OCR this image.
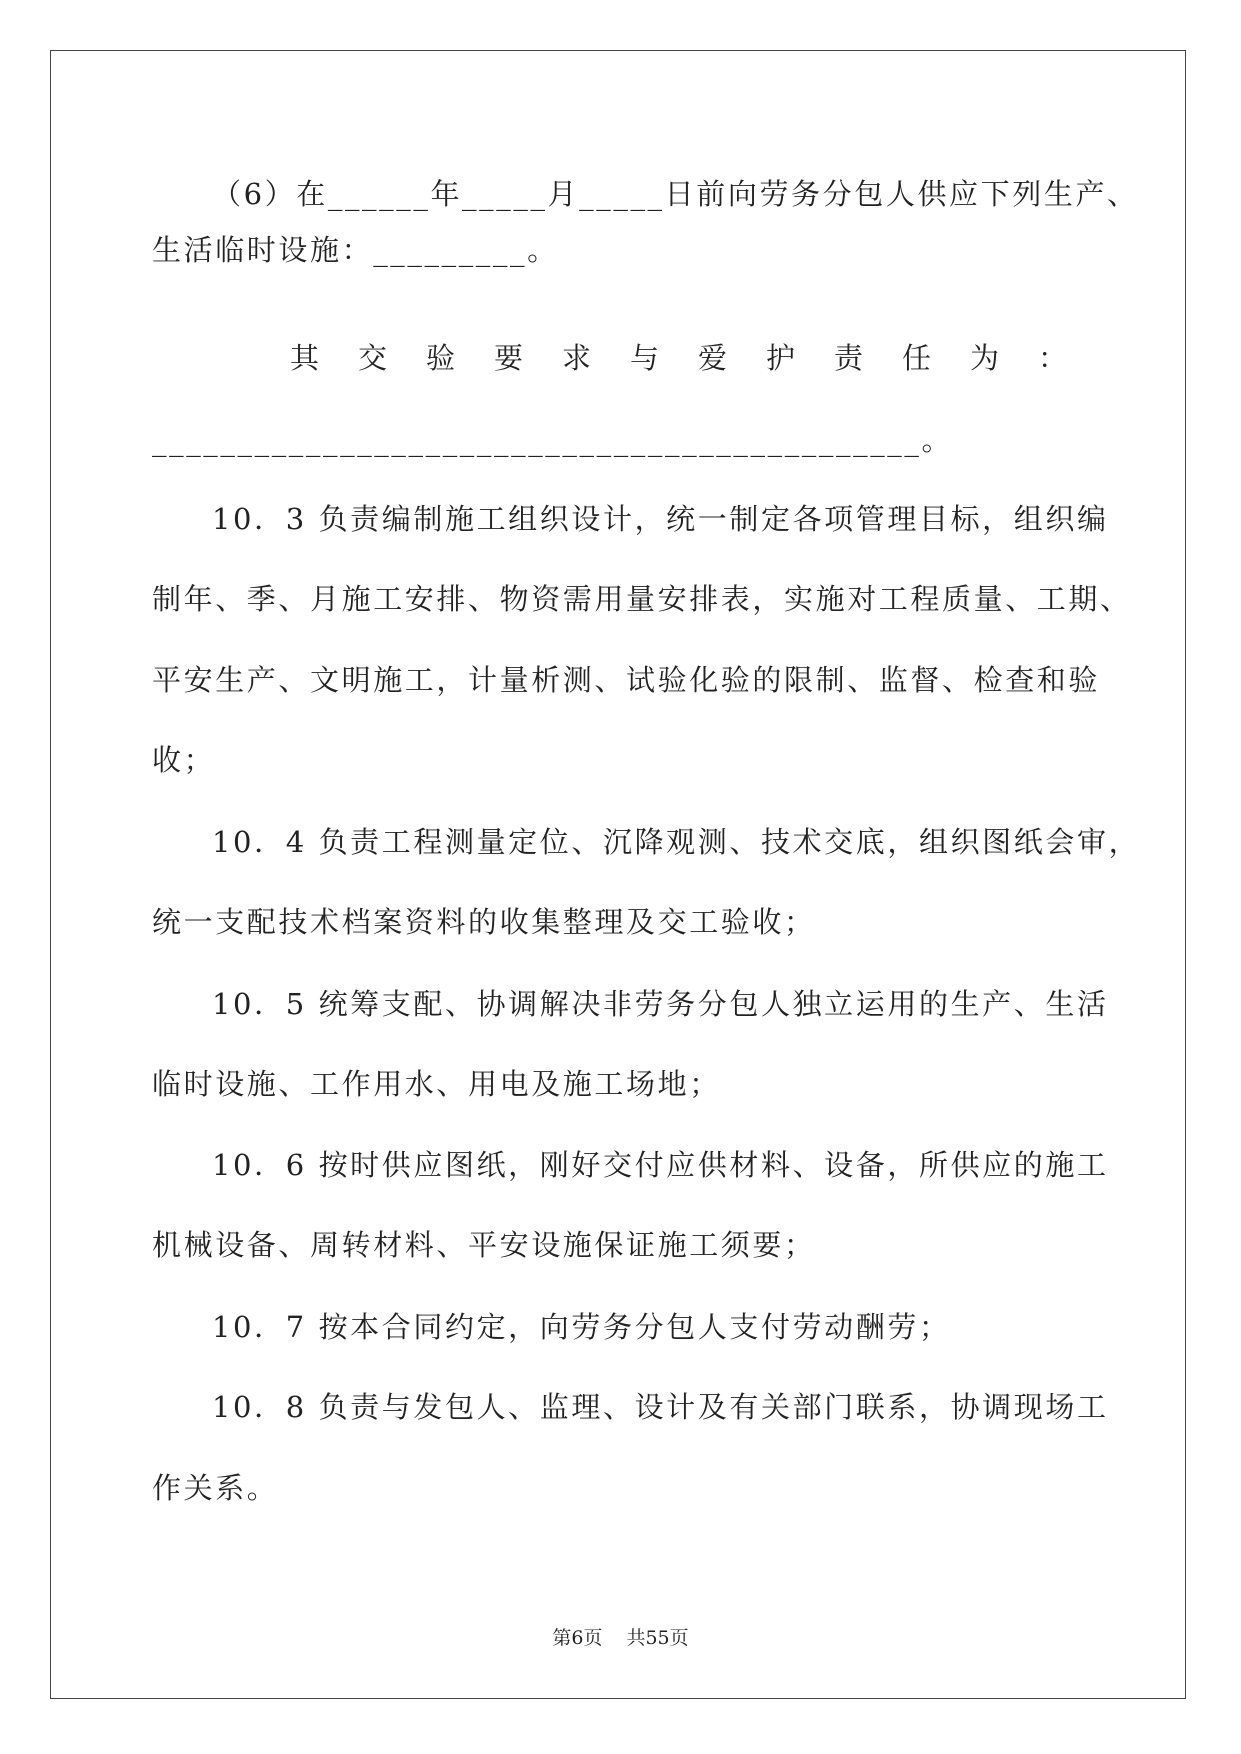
（6）在______年_____月_____日前向劳务分包人供应下列生产、
生活临时设施：_________。
其交验要求与爱护责任为：
_____________________________________________。
10．3 负责编制施工组织设计，统一制定各项管理目标，组织编
制年、季、月施工安排、物资需用量安排表，实施对工程质量、工期、
平安生产、文明施工，计量析测、试验化验的限制、监督、检查和验
收；
10．4 负责工程测量定位、沉降观测、技术交底，组织图纸会审，
统一支配技术档案资料的收集整理及交工验收；
10．5 统筹支配、协调解决非劳务分包人独立运用的生产、生活
临时设施、工作用水、用电及施工场地；
10．6 按时供应图纸，刚好交付应供材料、设备，所供应的施工
机械设备、周转材料、平安设施保证施工须要；
10．7 按本合同约定，向劳务分包人支付劳动酬劳；
10．8 负责与发包人、监理、设计及有关部门联系，协调现场工
作关系。
第6页 共55页
